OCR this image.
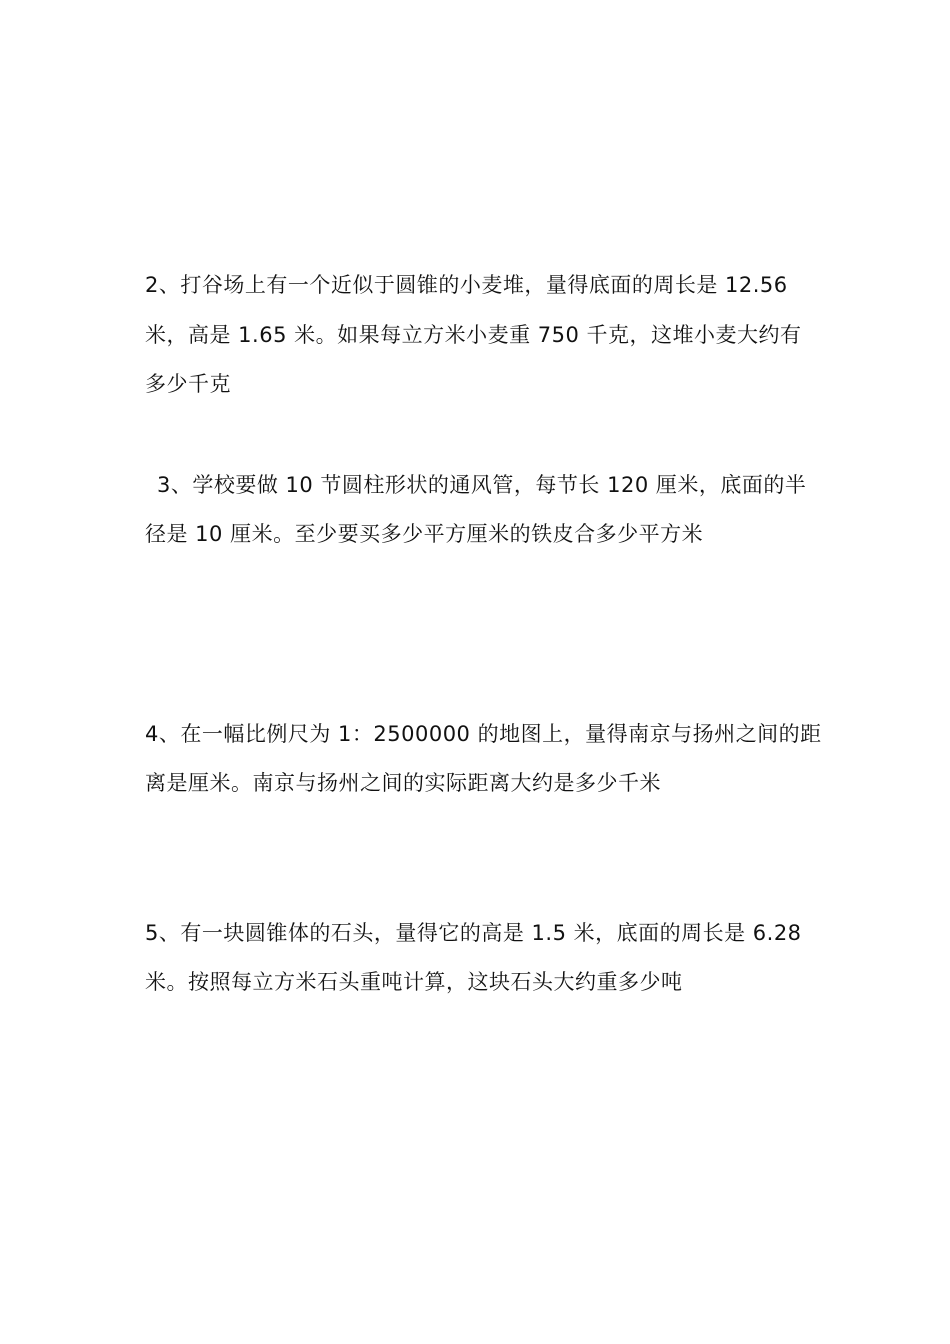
2、打谷场上有一个近似于圆锥的小麦堆，量得底面的周长是 12.56
米，高是 1.65 米。如果每立方米小麦重 750 千克，这堆小麦大约有
多少千克
3、学校要做 10 节圆柱形状的通风管，每节长 120 厘米，底面的半
径是 10 厘米。至少要买多少平方厘米的铁皮合多少平方米
4、在一幅比例尺为 1：2500000 的地图上，量得南京与扬州之间的距
离是厘米。南京与扬州之间的实际距离大约是多少千米
5、有一块圆锥体的石头，量得它的高是 1.5 米，底面的周长是 6.28
米。按照每立方米石头重吨计算，这块石头大约重多少吨
